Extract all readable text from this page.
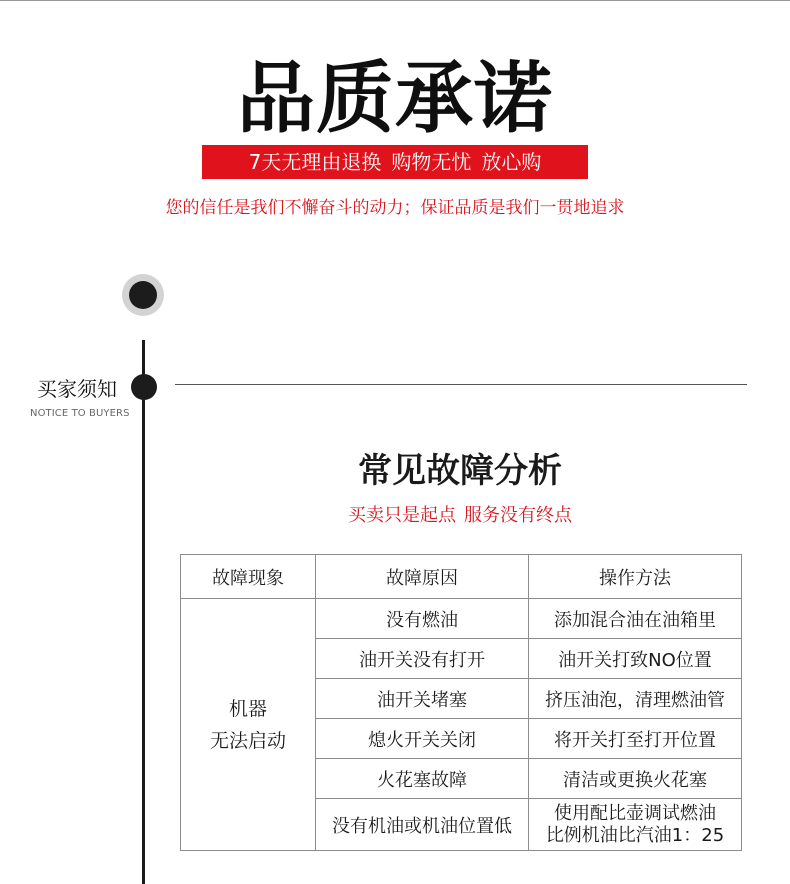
品质承诺
7天无理由退换 购物无忧 放心购
您的信任是我们不懈奋斗的动力；保证品质是我们一贯地追求
买家须知
NOTICE TO BUYERS
常见故障分析
买卖只是起点 服务没有终点
故障现象	故障原因	操作方法

机器
无法启动	没有燃油	添加混合油在油箱里
	油开关没有打开	油开关打致NO位置
	油开关堵塞	挤压油泡，清理燃油管
	熄火开关关闭	将开关打至打开位置
	火花塞故障	清洁或更换火花塞
	没有机油或机油位置低	使用配比壶调试燃油
比例机油比汽油1：25
